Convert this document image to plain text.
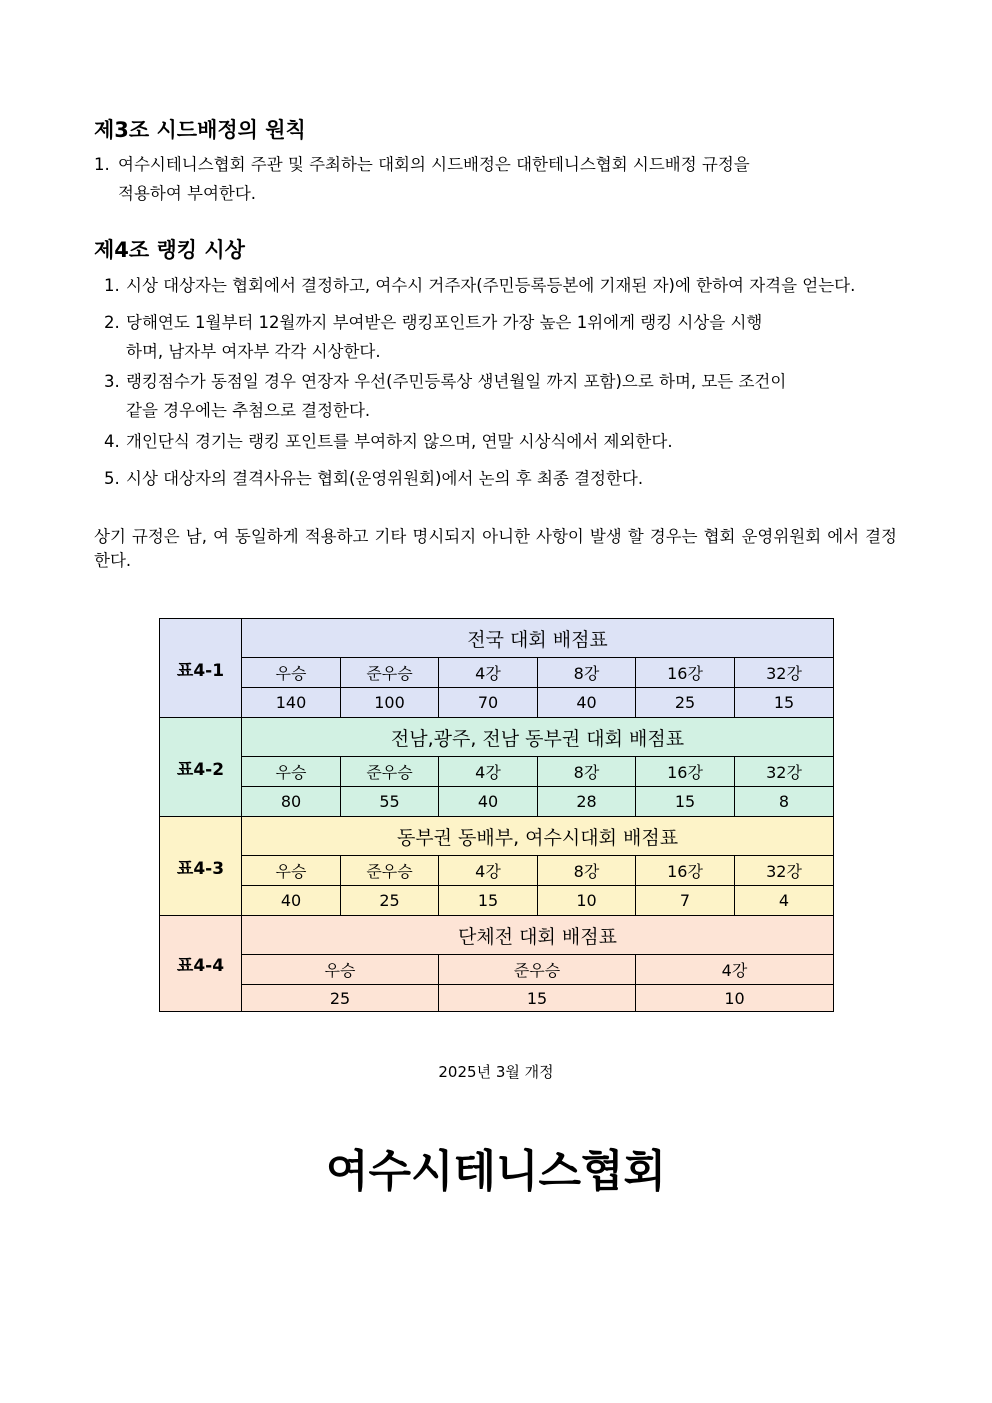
제3조 시드배정의 원칙
1. 여수시테니스협회 주관 및 주최하는 대회의 시드배정은 대한테니스협회 시드배정 규정을
적용하여 부여한다.
제4조 랭킹 시상
1. 시상 대상자는 협회에서 결정하고, 여수시 거주자(주민등록등본에 기재된 자)에 한하여 자격을 얻는다.
2. 당해연도 1월부터 12월까지 부여받은 랭킹포인트가 가장 높은 1위에게 랭킹 시상을 시행
하며, 남자부 여자부 각각 시상한다.
3. 랭킹점수가 동점일 경우 연장자 우선(주민등록상 생년월일 까지 포함)으로 하며, 모든 조건이
같을 경우에는 추첨으로 결정한다.
4. 개인단식 경기는 랭킹 포인트를 부여하지 않으며, 연말 시상식에서 제외한다.
5. 시상 대상자의 결격사유는 협회(운영위원회)에서 논의 후 최종 결정한다.

상기 규정은 남, 여 동일하게 적용하고 기타 명시되지 아니한 사항이 발생 할 경우는 협회 운영위원회 에서 결정한다.

표4-1	전국 대회 배점표					
	우승	준우승	4강	8강	16강	32강
	140	100	70	40	25	15
표4-2	전남,광주, 전남 동부권 대회 배점표					
	우승	준우승	4강	8강	16강	32강
	80	55	40	28	15	8
표4-3	동부권 동배부, 여수시대회 배점표					
	우승	준우승	4강	8강	16강	32강
	40	25	15	10	7	4
표4-4	단체전 대회 배점표					
	우승		준우승		4강	
	25		15		10	
2025년 3월 개정
여수시테니스협회
